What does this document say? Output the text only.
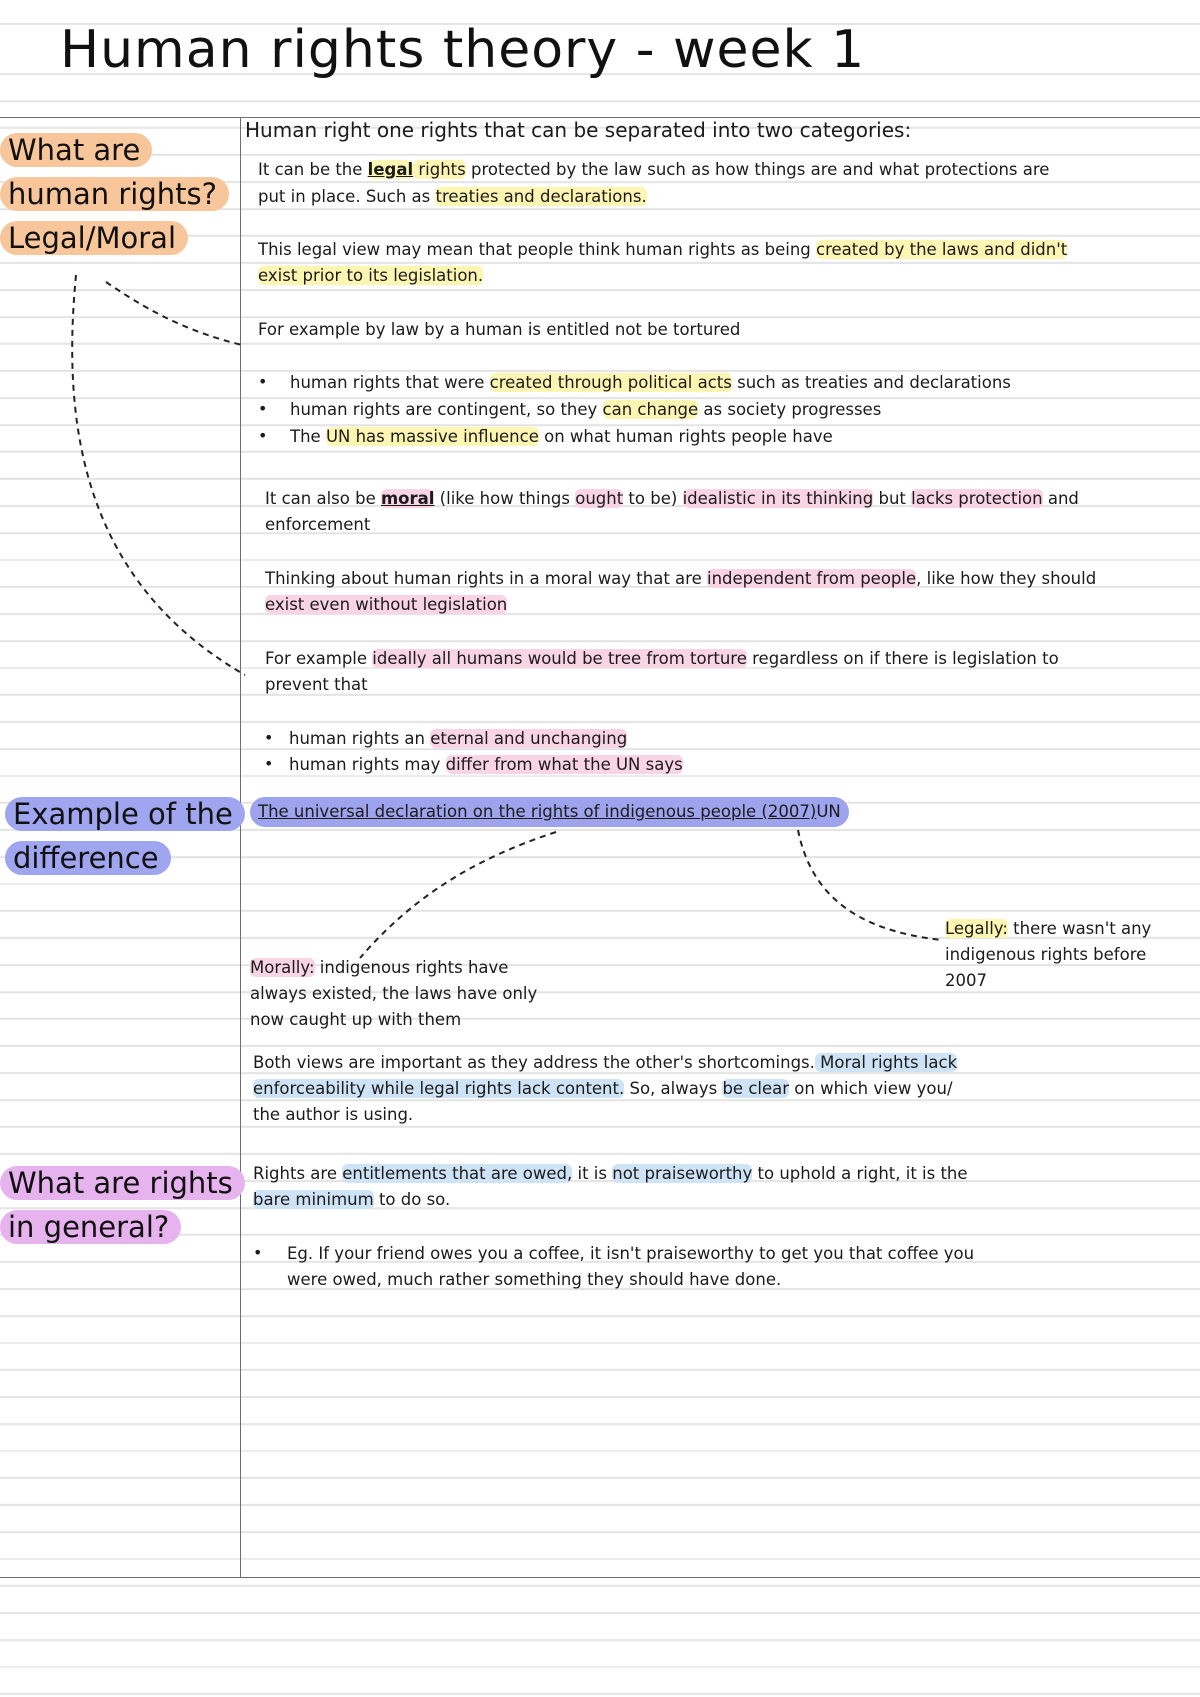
Human rights theory - week 1
What are
human rights?
Legal/Moral
Example of the
difference
What are rights
in general?
Human right one rights that can be separated into two categories:
It can be the legal rights protected by the law such as how things are and what protections are
put in place. Such as treaties and declarations.
This legal view may mean that people think human rights as being created by the laws and didn't
exist prior to its legislation.
For example by law by a human is entitled not be tortured
• human rights that were created through political acts such as treaties and declarations
• human rights are contingent, so they can change as society progresses
• The UN has massive influence on what human rights people have
It can also be moral (like how things ought to be) idealistic in its thinking but lacks protection and
enforcement
Thinking about human rights in a moral way that are independent from people, like how they should
exist even without legislation
For example ideally all humans would be tree from torture regardless on if there is legislation to
prevent that
• human rights an eternal and unchanging
• human rights may differ from what the UN says
The universal declaration on the rights of indigenous people (2007)UN
Legally: there wasn't any
indigenous rights before
2007
Morally: indigenous rights have
always existed, the laws have only
now caught up with them
Both views are important as they address the other's shortcomings. Moral rights lack
enforceability while legal rights lack content. So, always be clear on which view you/
the author is using.
Rights are entitlements that are owed, it is not praiseworthy to uphold a right, it is the
bare minimum to do so.
• Eg. If your friend owes you a coffee, it isn't praiseworthy to get you that coffee you
were owed, much rather something they should have done.
